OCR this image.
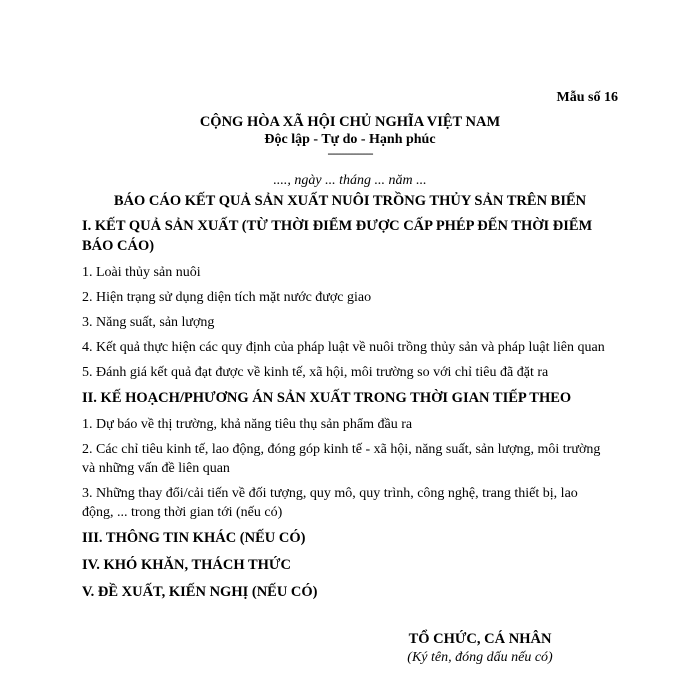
Mẫu số 16
CỘNG HÒA XÃ HỘI CHỦ NGHĨA VIỆT NAM
Độc lập - Tự do - Hạnh phúc
---------------
...., ngày ... tháng ... năm ...
BÁO CÁO KẾT QUẢ SẢN XUẤT NUÔI TRỒNG THỦY SẢN TRÊN BIỂN
I. KẾT QUẢ SẢN XUẤT (TỪ THỜI ĐIỂM ĐƯỢC CẤP PHÉP ĐẾN THỜI ĐIỂM BÁO CÁO)
1. Loài thủy sản nuôi
2. Hiện trạng sử dụng diện tích mặt nước được giao
3. Năng suất, sản lượng
4. Kết quả thực hiện các quy định của pháp luật về nuôi trồng thủy sản và pháp luật liên quan
5. Đánh giá kết quả đạt được về kinh tế, xã hội, môi trường so với chỉ tiêu đã đặt ra
II. KẾ HOẠCH/PHƯƠNG ÁN SẢN XUẤT TRONG THỜI GIAN TIẾP THEO
1. Dự báo về thị trường, khả năng tiêu thụ sản phẩm đầu ra
2. Các chỉ tiêu kinh tế, lao động, đóng góp kinh tế - xã hội, năng suất, sản lượng, môi trường và những vấn đề liên quan
3. Những thay đổi/cải tiến về đối tượng, quy mô, quy trình, công nghệ, trang thiết bị, lao động, ... trong thời gian tới (nếu có)
III. THÔNG TIN KHÁC (NẾU CÓ)
IV. KHÓ KHĂN, THÁCH THỨC
V. ĐỀ XUẤT, KIẾN NGHỊ (NẾU CÓ)
TỔ CHỨC, CÁ NHÂN
(Ký tên, đóng dấu nếu có)
